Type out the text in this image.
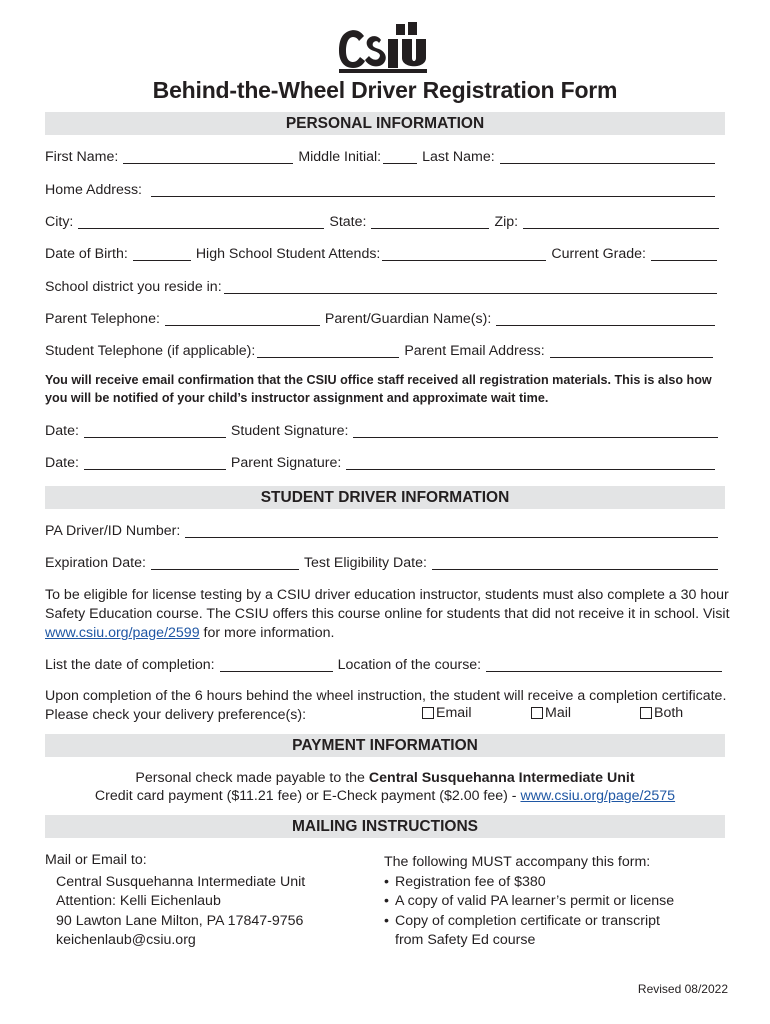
Behind-the-Wheel Driver Registration Form
PERSONAL INFORMATION
First Name:	Middle Initial:	Last Name:
Home Address:
City:	State:	Zip:
Date of Birth:	High School Student Attends:	Current Grade:
School district you reside in:
Parent Telephone:	Parent/Guardian Name(s):
Student Telephone (if applicable):	Parent Email Address:
You will receive email confirmation that the CSIU office staff received all registration materials. This is also how you will be notified of your child’s instructor assignment and approximate wait time.
Date:	Student Signature:
Date:	Parent Signature:
STUDENT DRIVER INFORMATION
PA Driver/ID Number:
Expiration Date:	Test Eligibility Date:
To be eligible for license testing by a CSIU driver education instructor, students must also complete a 30 hour Safety Education course. The CSIU offers this course online for students that did not receive it in school. Visit www.csiu.org/page/2599 for more information.
List the date of completion:	Location of the course:
Upon completion of the 6 hours behind the wheel instruction, the student will receive a completion certificate. Please check your delivery preference(s):	Email	Mail	Both
PAYMENT INFORMATION
Personal check made payable to the Central Susquehanna Intermediate Unit
Credit card payment ($11.21 fee) or E-Check payment ($2.00 fee) - www.csiu.org/page/2575
MAILING INSTRUCTIONS
Mail or Email to:
Central Susquehanna Intermediate Unit
Attention: Kelli Eichenlaub
90 Lawton Lane Milton, PA 17847-9756
keichenlaub@csiu.org
The following MUST accompany this form:
• Registration fee of $380
• A copy of valid PA learner’s permit or license
• Copy of completion certificate or transcript
from Safety Ed course
Revised 08/2022
